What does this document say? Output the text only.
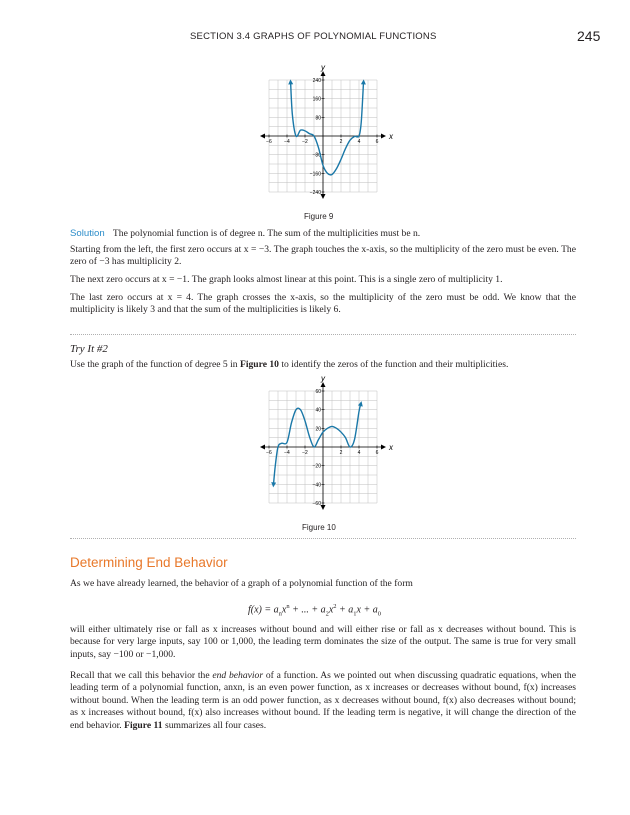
SECTION 3.4 GRAPHS OF POLYNOMIAL FUNCTIONS	245
x
y
−6 −4 −2	2	4	6
240
160
80
−80
−160
−240
Figure 9
Solution The polynomial function is of degree n. The sum of the multiplicities must be n.
Starting from the left, the first zero occurs at x = −3. The graph touches the x-axis, so the multiplicity of the zero must be even. The zero of −3 has multiplicity 2.
The next zero occurs at x = −1. The graph looks almost linear at this point. This is a single zero of multiplicity 1.
The last zero occurs at x = 4. The graph crosses the x-axis, so the multiplicity of the zero must be odd. We know that the multiplicity is likely 3 and that the sum of the multiplicities is likely 6.
Try It #2
Use the graph of the function of degree 5 in Figure 10 to identify the zeros of the function and their multiplicities.
x
y
−6 −4 −2	2	4	6
60
40
20
−20
−40
−60
Figure 10
Determining End Behavior
As we have already learned, the behavior of a graph of a polynomial function of the form
$f(x) = a_nx^n$ + ... + $a_2x^2 + a_1x + a_0$
will either ultimately rise or fall as x increases without bound and will either rise or fall as x decreases without bound. This is because for very large inputs, say 100 or 1,000, the leading term dominates the size of the output. The same is true for very small inputs, say −100 or −1,000.
Recall that we call this behavior the end behavior of a function. As we pointed out when discussing quadratic equations, when the leading term of a polynomial function, anxn, is an even power function, as x increases or decreases without bound, f(x) increases without bound. When the leading term is an odd power function, as x decreases without bound, f(x) also decreases without bound; as x increases without bound, f(x) also increases without bound. If the leading term is negative, it will change the direction of the end behavior. Figure 11 summarizes all four cases.
